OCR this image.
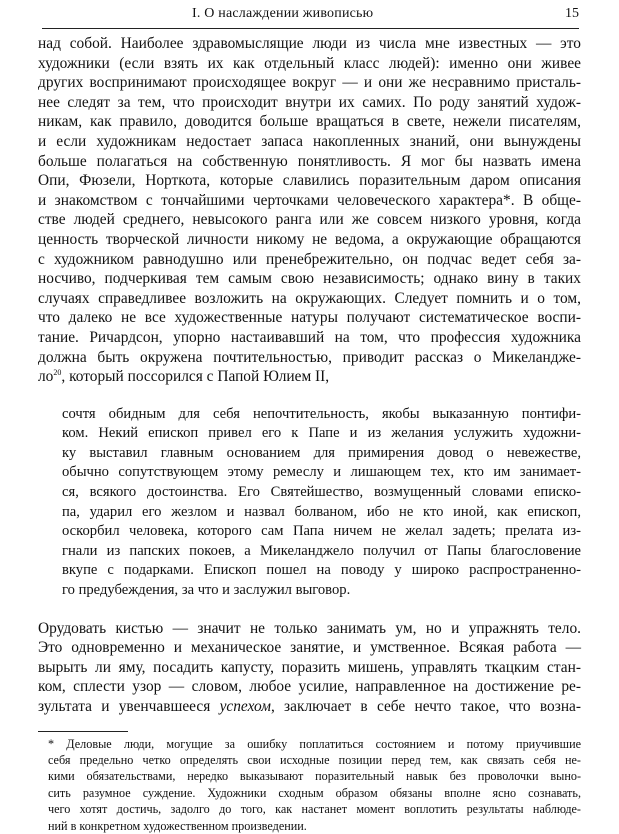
I. О наслаждении живописью	15
над собой. Наиболее здравомыслящие люди из числа мне известных — это
художники (если взять их как отдельный класс людей): именно они живее
других воспринимают происходящее вокруг — и они же несравнимо присталь-
нее следят за тем, что происходит внутри их самих. По роду занятий худож-
никам, как правило, доводится больше вращаться в свете, нежели писателям,
и если художникам недостает запаса накопленных знаний, они вынуждены
больше полагаться на собственную понятливость. Я мог бы назвать имена
Опи, Фюзели, Норткота, которые славились поразительным даром описания
и знакомством с тончайшими черточками человеческого характера*. В обще-
стве людей среднего, невысокого ранга или же совсем низкого уровня, когда
ценность творческой личности никому не ведома, а окружающие обращаются
с художником равнодушно или пренебрежительно, он подчас ведет себя за-
носчиво, подчеркивая тем самым свою независимость; однако вину в таких
случаях справедливее возложить на окружающих. Следует помнить и о том,
что далеко не все художественные натуры получают систематическое воспи-
тание. Ричардсон, упорно настаивавший на том, что профессия художника
должна быть окружена почтительностью, приводит рассказ о Микеландже-
$ло^{20}$, который поссорился с Папой Юлием II,
сочтя обидным для себя непочтительность, якобы выказанную понтифи-
ком. Некий епископ привел его к Папе и из желания услужить художни-
ку выставил главным основанием для примирения довод о невежестве,
обычно сопутствующем этому ремеслу и лишающем тех, кто им занимает-
ся, всякого достоинства. Его Святейшество, возмущенный словами еписко-
па, ударил его жезлом и назвал болваном, ибо не кто иной, как епископ,
оскорбил человека, которого сам Папа ничем не желал задеть; прелата из-
гнали из папских покоев, а Микеланджело получил от Папы благословение
вкупе с подарками. Епископ пошел на поводу у широко распространенно-
го предубеждения, за что и заслужил выговор.
Орудовать кистью — значит не только занимать ум, но и упражнять тело.
Это одновременно и механическое занятие, и умственное. Всякая работа —
вырыть ли яму, посадить капусту, поразить мишень, управлять ткацким стан-
ком, сплести узор — словом, любое усилие, направленное на достижение ре-
зультата и увенчавшееся успехом, заключает в себе нечто такое, что возна-
* Деловые люди, могущие за ошибку поплатиться состоянием и потому приучившие
себя предельно четко определять свои исходные позиции перед тем, как связать себя не-
кими обязательствами, нередко выказывают поразительный навык без проволочки выно-
сить разумное суждение. Художники сходным образом обязаны вполне ясно сознавать,
чего хотят достичь, задолго до того, как настанет момент воплотить результаты наблюде-
ний в конкретном художественном произведении.
